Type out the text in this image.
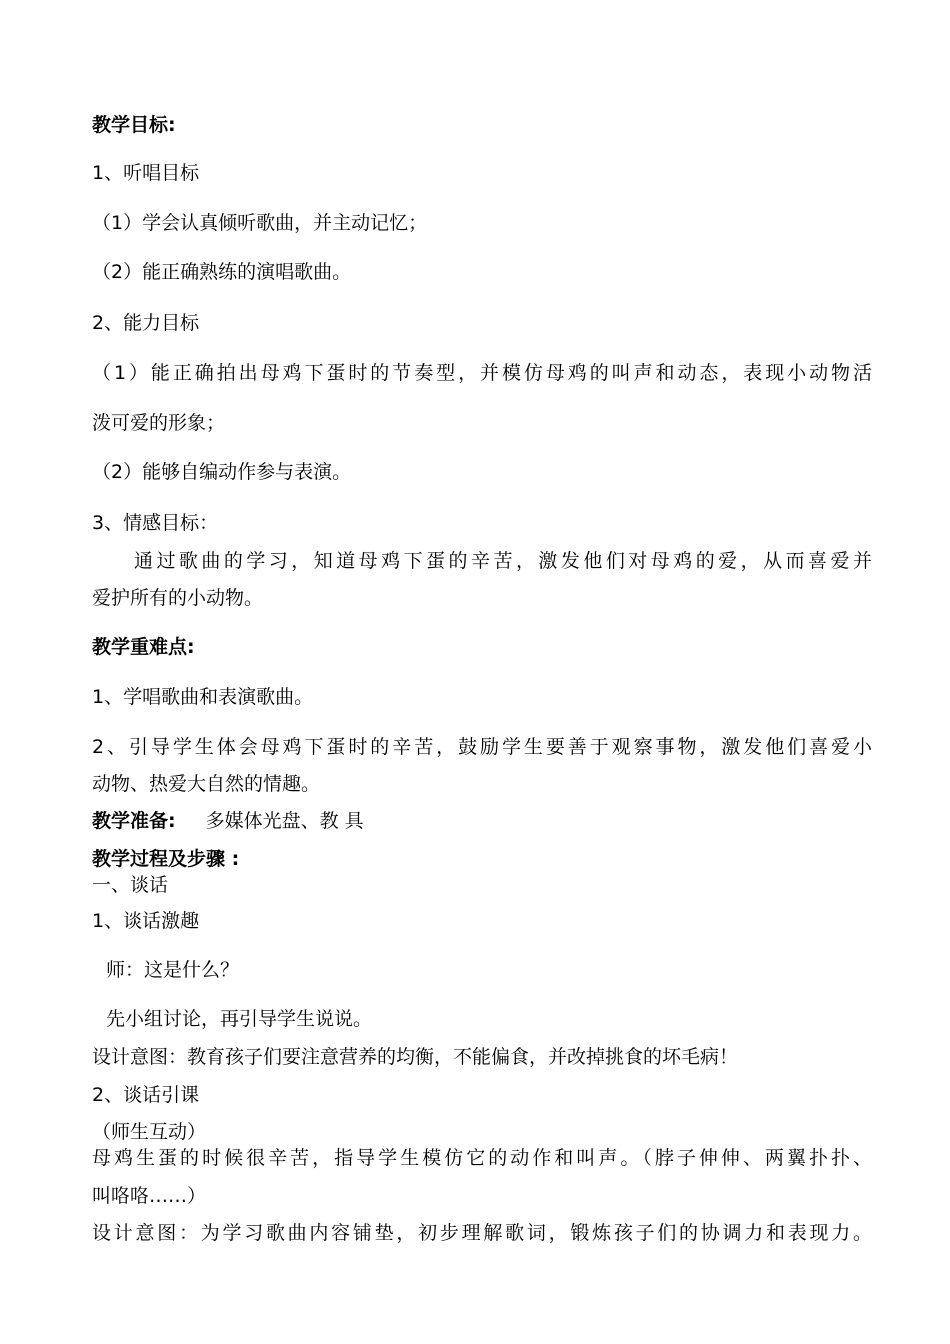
教学目标:
1、听唱目标
（1）学会认真倾听歌曲，并主动记忆；
（2）能正确熟练的演唱歌曲。
2、能力目标
（1）能正确拍出母鸡下蛋时的节奏型，并模仿母鸡的叫声和动态，表现小动物活
泼可爱的形象；
（2）能够自编动作参与表演。
3、情感目标：
通过歌曲的学习，知道母鸡下蛋的辛苦，激发他们对母鸡的爱，从而喜爱并
爱护所有的小动物。
教学重难点:
1、学唱歌曲和表演歌曲。
2、引导学生体会母鸡下蛋时的辛苦，鼓励学生要善于观察事物，激发他们喜爱小
动物、热爱大自然的情趣。
教学准备: 多媒体光盘、教 具
教学过程及步骤 :
一、谈话
1、谈话激趣
师：这是什么？
先小组讨论，再引导学生说说。
设计意图：教育孩子们要注意营养的均衡，不能偏食，并改掉挑食的坏毛病！
2、谈话引课
（师生互动）
母鸡生蛋的时候很辛苦，指导学生模仿它的动作和叫声。（脖子伸伸、两翼扑扑、
叫咯咯……）
设计意图：为学习歌曲内容铺垫，初步理解歌词，锻炼孩子们的协调力和表现力。
